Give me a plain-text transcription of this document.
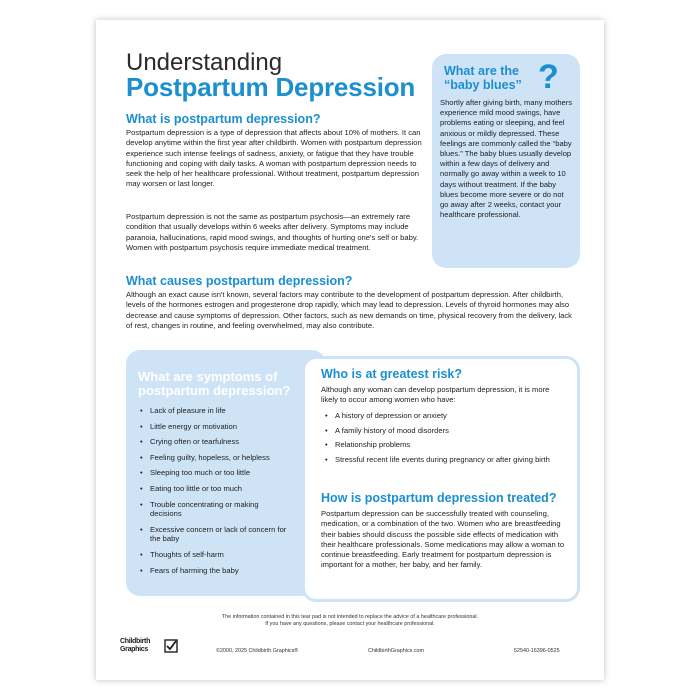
Understanding
Postpartum Depression
What is postpartum depression?
Postpartum depression is a type of depression that affects about 10% of mothers. It can develop anytime within the first year after childbirth. Women with postpartum depression experience such intense feelings of sadness, anxiety, or fatigue that they have trouble functioning and coping with daily tasks. A woman with postpartum depression needs to seek the help of her healthcare professional. Without treatment, postpartum depression may worsen or last longer.
Postpartum depression is not the same as postpartum psychosis—an extremely rare condition that usually develops within 6 weeks after delivery. Symptoms may include paranoia, hallucinations, rapid mood swings, and thoughts of hurting one's self or baby. Women with postpartum psychosis require immediate medical treatment.
What are the “baby blues” ?
Shortly after giving birth, many mothers experience mild mood swings, have problems eating or sleeping, and feel anxious or mildly depressed. These feelings are commonly called the “baby blues.” The baby blues usually develop within a few days of delivery and normally go away within a week to 10 days without treatment. If the baby blues become more severe or do not go away after 2 weeks, contact your healthcare professional.
What causes postpartum depression?
Although an exact cause isn't known, several factors may contribute to the development of postpartum depression. After childbirth, levels of the hormones estrogen and progesterone drop rapidly, which may lead to depression. Levels of thyroid hormones may also decrease and cause symptoms of depression. Other factors, such as new demands on time, physical recovery from the delivery, lack of rest, changes in routine, and feeling overwhelmed, may also contribute.
What are symptoms of postpartum depression?
• Lack of pleasure in life
• Little energy or motivation
• Crying often or tearfulness
• Feeling guilty, hopeless, or helpless
• Sleeping too much or too little
• Eating too little or too much
• Trouble concentrating or making decisions
• Excessive concern or lack of concern for the baby
• Thoughts of self-harm
• Fears of harming the baby
Who is at greatest risk?
Although any woman can develop postpartum depression, it is more likely to occur among women who have:
• A history of depression or anxiety
• A family history of mood disorders
• Relationship problems
• Stressful recent life events during pregnancy or after giving birth
How is postpartum depression treated?
Postpartum depression can be successfully treated with counseling, medication, or a combination of the two. Women who are breastfeeding their babies should discuss the possible side effects of medication with their healthcare professionals. Some medications may allow a woman to continue breastfeeding. Early treatment for postpartum depression is important for a mother, her baby, and her family.
The information contained in this tear pad is not intended to replace the advice of a healthcare professional.
If you have any questions, please contact your healthcare professional.
Childbirth
Graphics	©2000, 2025 Childbirth Graphics®	ChildbirthGraphics.com	52540-16396-0525
